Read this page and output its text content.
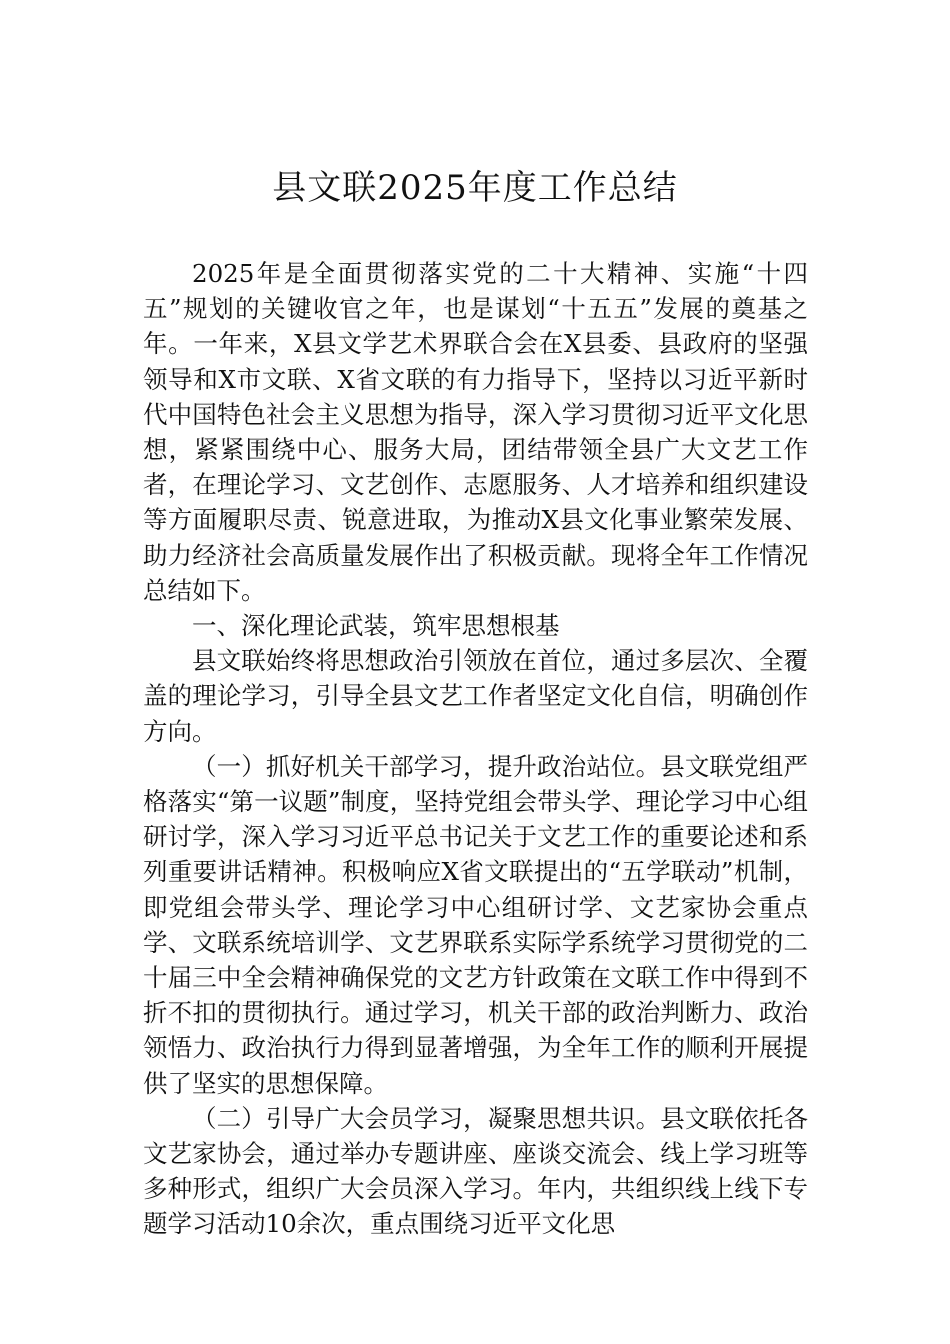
县文联2025年度工作总结

2025年是全面贯彻落实党的二十大精神、实施“十四五”规划的关键收官之年，也是谋划“十五五”发展的奠基之年。一年来，X县文学艺术界联合会在X县委、县政府的坚强领导和X市文联、X省文联的有力指导下，坚持以习近平新时代中国特色社会主义思想为指导，深入学习贯彻习近平文化思想，紧紧围绕中心、服务大局，团结带领全县广大文艺工作者，在理论学习、文艺创作、志愿服务、人才培养和组织建设等方面履职尽责、锐意进取，为推动X县文化事业繁荣发展、助力经济社会高质量发展作出了积极贡献。现将全年工作情况总结如下。

一、深化理论武装，筑牢思想根基

县文联始终将思想政治引领放在首位，通过多层次、全覆盖的理论学习，引导全县文艺工作者坚定文化自信，明确创作方向。

（一）抓好机关干部学习，提升政治站位。县文联党组严格落实“第一议题”制度，坚持党组会带头学、理论学习中心组研讨学，深入学习习近平总书记关于文艺工作的重要论述和系列重要讲话精神。积极响应X省文联提出的“五学联动”机制，即党组会带头学、理论学习中心组研讨学、文艺家协会重点学、文联系统培训学、文艺界联系实际学系统学习贯彻党的二十届三中全会精神确保党的文艺方针政策在文联工作中得到不折不扣的贯彻执行。通过学习，机关干部的政治判断力、政治领悟力、政治执行力得到显著增强，为全年工作的顺利开展提供了坚实的思想保障。

（二）引导广大会员学习，凝聚思想共识。县文联依托各文艺家协会，通过举办专题讲座、座谈交流会、线上学习班等多种形式，组织广大会员深入学习。年内，共组织线上线下专题学习活动10余次，重点围绕习近平文化思
